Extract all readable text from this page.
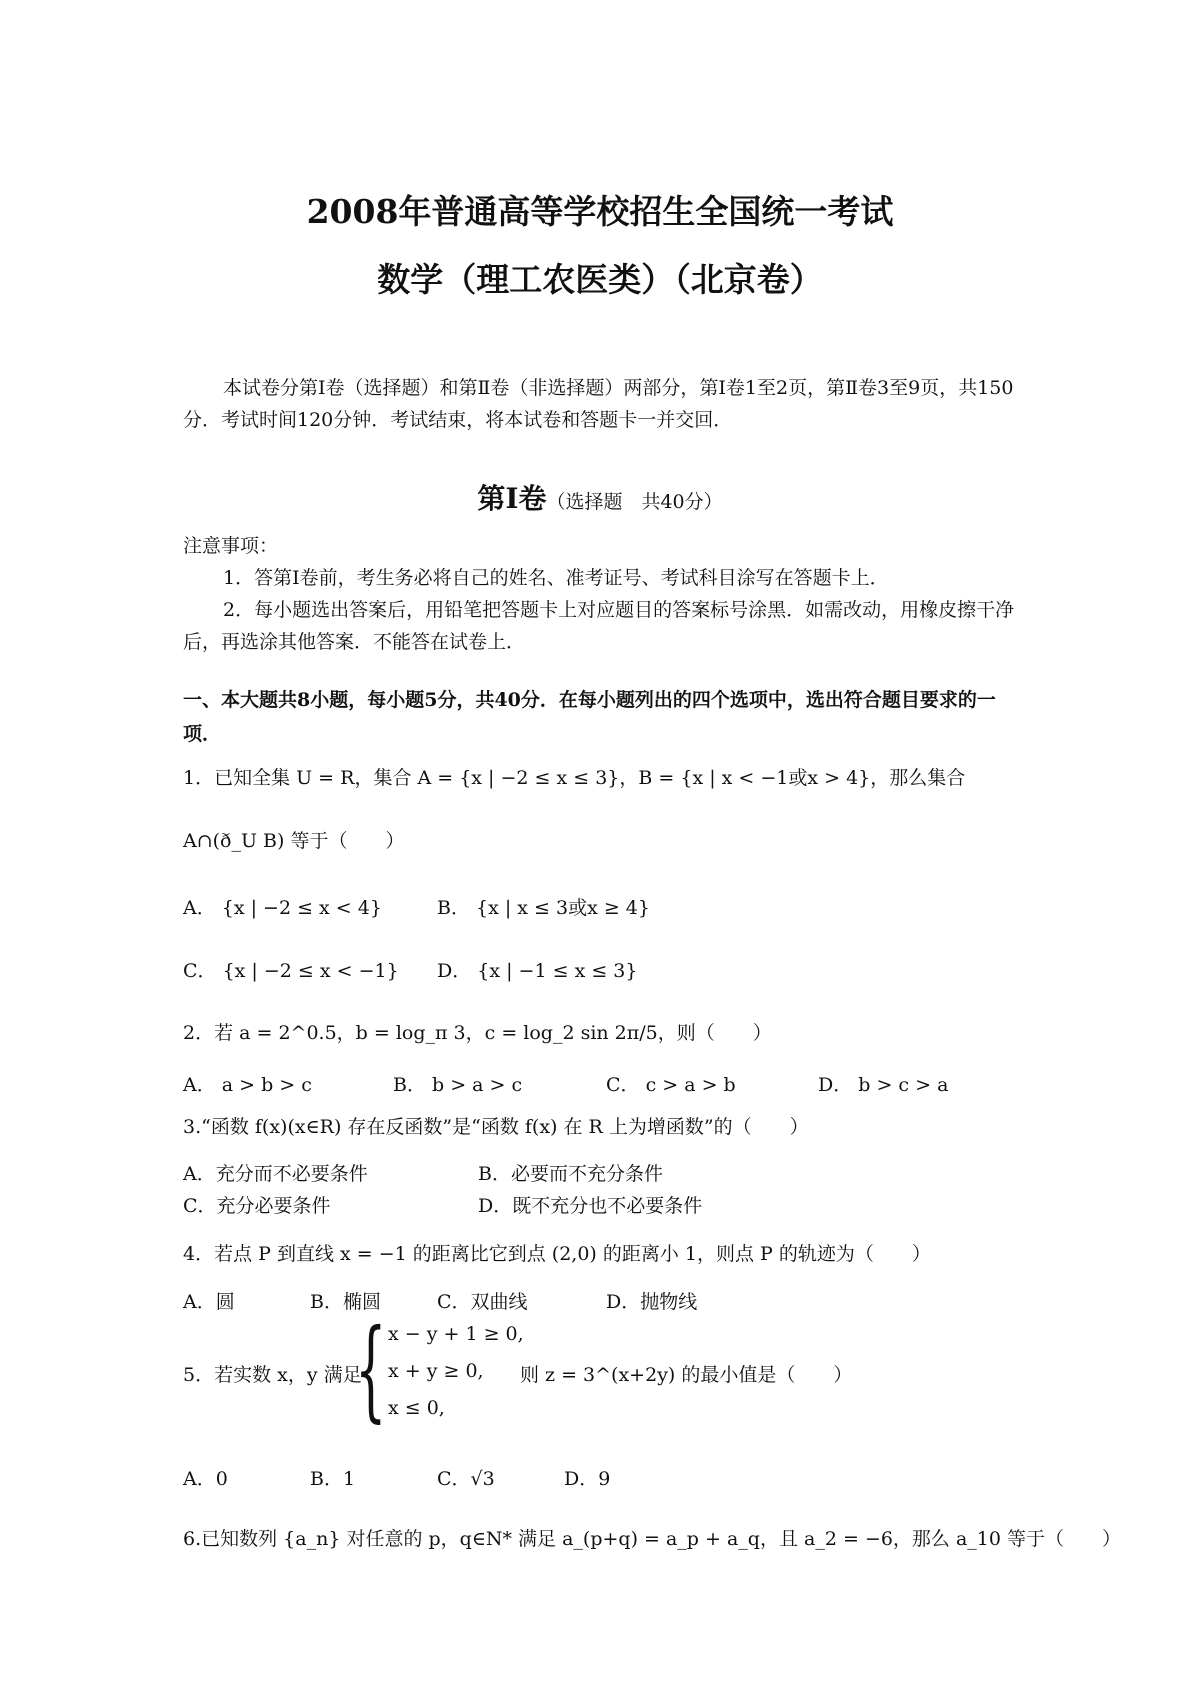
2008年普通高等学校招生全国统一考试
数学（理工农医类）（北京卷）
本试卷分第Ⅰ卷（选择题）和第Ⅱ卷（非选择题）两部分，第Ⅰ卷1至2页，第Ⅱ卷3至9页，共150分．考试时间120分钟．考试结束，将本试卷和答题卡一并交回．
第Ⅰ卷（选择题　共40分）
注意事项：
1．答第Ⅰ卷前，考生务必将自己的姓名、准考证号、考试科目涂写在答题卡上．
2．每小题选出答案后，用铅笔把答题卡上对应题目的答案标号涂黑．如需改动，用橡皮擦干净后，再选涂其他答案．不能答在试卷上．
一、本大题共8小题，每小题5分，共40分．在每小题列出的四个选项中，选出符合题目要求的一项．
1．已知全集 U = R，集合 A = {x | −2 ≤ x ≤ 3}，B = {x | x < −1或x > 4}，那么集合
A∩(ð_U B) 等于（　　）
A． {x | −2 ≤ x < 4}	B． {x | x ≤ 3或x ≥ 4}
C． {x | −2 ≤ x < −1} D． {x | −1 ≤ x ≤ 3}
2．若 a = 2^0.5，b = log_π 3，c = log_2 sin 2π/5，则（　　）
A． a > b > c	B． b > a > c	C． c > a > b	D． b > c > a
3.“函数 f(x)(x∈R) 存在反函数”是“函数 f(x) 在 R 上为增函数”的（　　）
A．充分而不必要条件	B．必要而不充分条件
C．充分必要条件	D．既不充分也不必要条件
4．若点 P 到直线 x = −1 的距离比它到点 (2,0) 的距离小 1，则点 P 的轨迹为（　　）
A．圆	B．椭圆	C．双曲线	D．抛物线
5．若实数 x，y 满足
{ x − y + 1 ≥ 0,
x + y ≥ 0,
x ≤ 0,
则 z = 3^(x+2y) 的最小值是（　　）
A．0	B．1	C．√3	D．9
6.已知数列 {a_n} 对任意的 p，q∈N* 满足 a_(p+q) = a_p + a_q，且 a_2 = −6，那么 a_10 等于（　　）
